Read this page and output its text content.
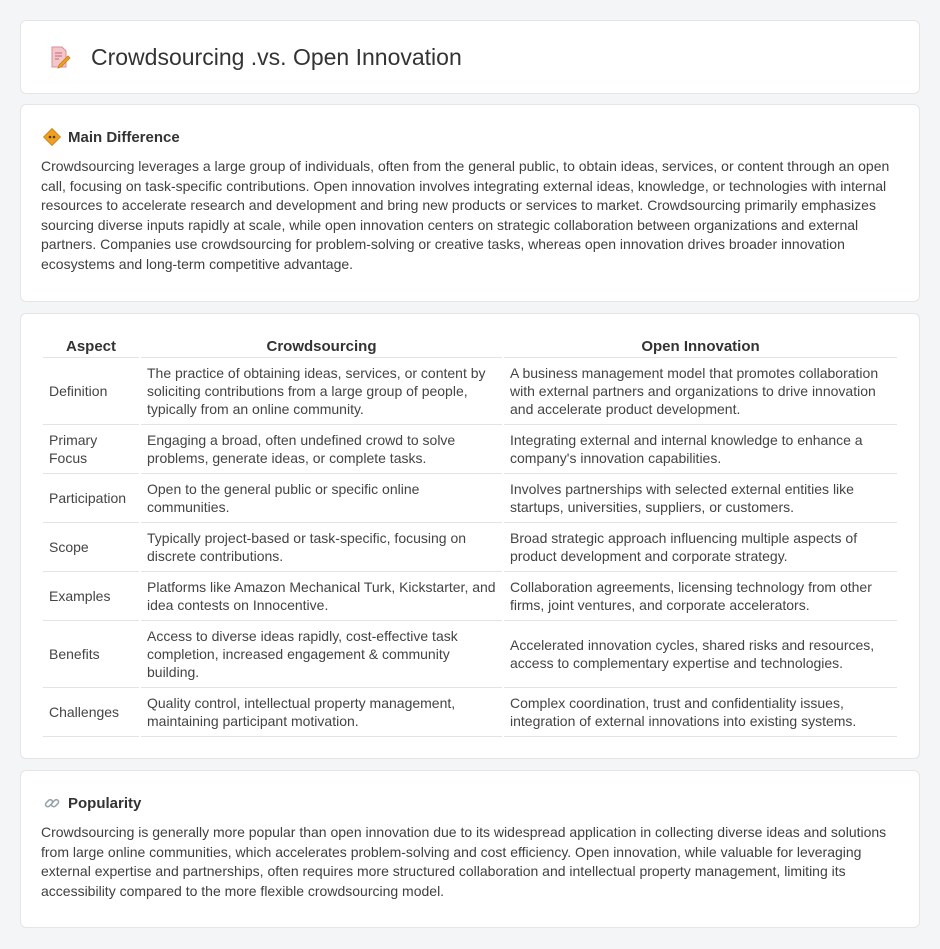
Crowdsourcing .vs. Open Innovation
Main Difference

Crowdsourcing leverages a large group of individuals, often from the general public, to obtain ideas, services, or content through an open call, focusing on task-specific contributions. Open innovation involves integrating external ideas, knowledge, or technologies with internal resources to accelerate research and development and bring new products or services to market. Crowdsourcing primarily emphasizes sourcing diverse inputs rapidly at scale, while open innovation centers on strategic collaboration between organizations and external partners. Companies use crowdsourcing for problem-solving or creative tasks, whereas open innovation drives broader innovation ecosystems and long-term competitive advantage.

Aspect	Crowdsourcing	Open Innovation
Definition	The practice of obtaining ideas, services, or content by soliciting contributions from a large group of people, typically from an online community.	A business management model that promotes collaboration with external partners and organizations to drive innovation and accelerate product development.
Primary Focus	Engaging a broad, often undefined crowd to solve problems, generate ideas, or complete tasks.	Integrating external and internal knowledge to enhance a company's innovation capabilities.
Participation	Open to the general public or specific online communities.	Involves partnerships with selected external entities like startups, universities, suppliers, or customers.
Scope	Typically project-based or task-specific, focusing on discrete contributions.	Broad strategic approach influencing multiple aspects of product development and corporate strategy.
Examples	Platforms like Amazon Mechanical Turk, Kickstarter, and idea contests on Innocentive.	Collaboration agreements, licensing technology from other firms, joint ventures, and corporate accelerators.
Benefits	Access to diverse ideas rapidly, cost-effective task completion, increased engagement & community building.	Accelerated innovation cycles, shared risks and resources, access to complementary expertise and technologies.
Challenges	Quality control, intellectual property management, maintaining participant motivation.	Complex coordination, trust and confidentiality issues, integration of external innovations into existing systems.
Popularity

Crowdsourcing is generally more popular than open innovation due to its widespread application in collecting diverse ideas and solutions from large online communities, which accelerates problem-solving and cost efficiency. Open innovation, while valuable for leveraging external expertise and partnerships, often requires more structured collaboration and intellectual property management, limiting its accessibility compared to the more flexible crowdsourcing model.
